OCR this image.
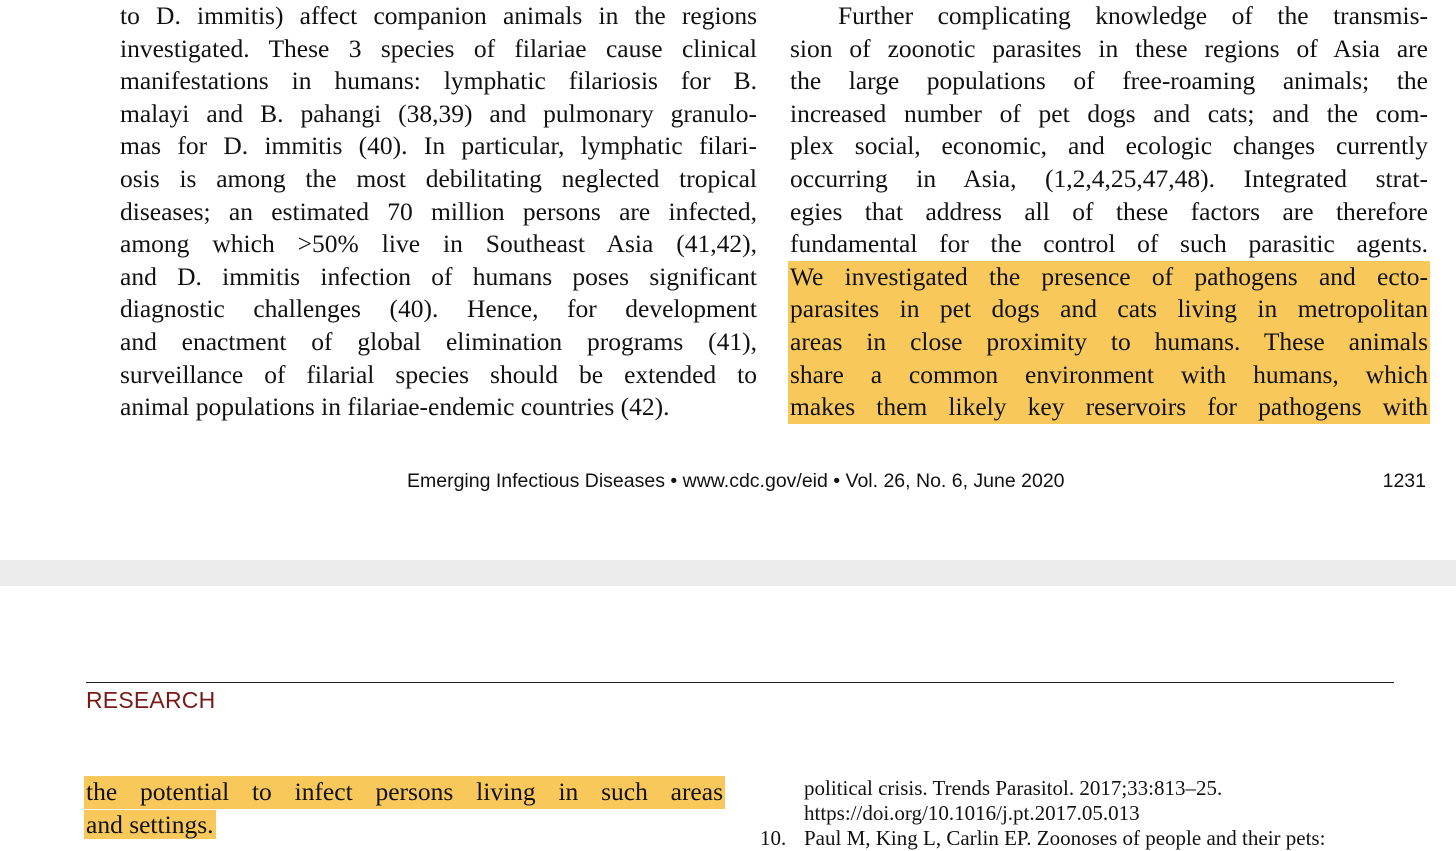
to D. immitis) affect companion animals in the regions
investigated. These 3 species of filariae cause clinical
manifestations in humans: lymphatic filariosis for B.
malayi and B. pahangi (38,39) and pulmonary granulo-
mas for D. immitis (40). In particular, lymphatic filari-
osis is among the most debilitating neglected tropical
diseases; an estimated 70 million persons are infected,
among which >50% live in Southeast Asia (41,42),
and D. immitis infection of humans poses significant
diagnostic challenges (40). Hence, for development
and enactment of global elimination programs (41),
surveillance of filarial species should be extended to
animal populations in filariae-endemic countries (42).
Further complicating knowledge of the transmis-
sion of zoonotic parasites in these regions of Asia are
the large populations of free-roaming animals; the
increased number of pet dogs and cats; and the com-
plex social, economic, and ecologic changes currently
occurring in Asia, (1,2,4,25,47,48). Integrated strat-
egies that address all of these factors are therefore
fundamental for the control of such parasitic agents.
We investigated the presence of pathogens and ecto-
parasites in pet dogs and cats living in metropolitan
areas in close proximity to humans. These animals
share a common environment with humans, which
makes them likely key reservoirs for pathogens with
Emerging Infectious Diseases • www.cdc.gov/eid • Vol. 26, No. 6, June 2020	1231
RESEARCH
the potential to infect persons living in such areas
and settings.
political crisis. Trends Parasitol. 2017;33:813–25.
https://doi.org/10.1016/j.pt.2017.05.013
10. Paul M, King L, Carlin EP. Zoonoses of people and their pets:
